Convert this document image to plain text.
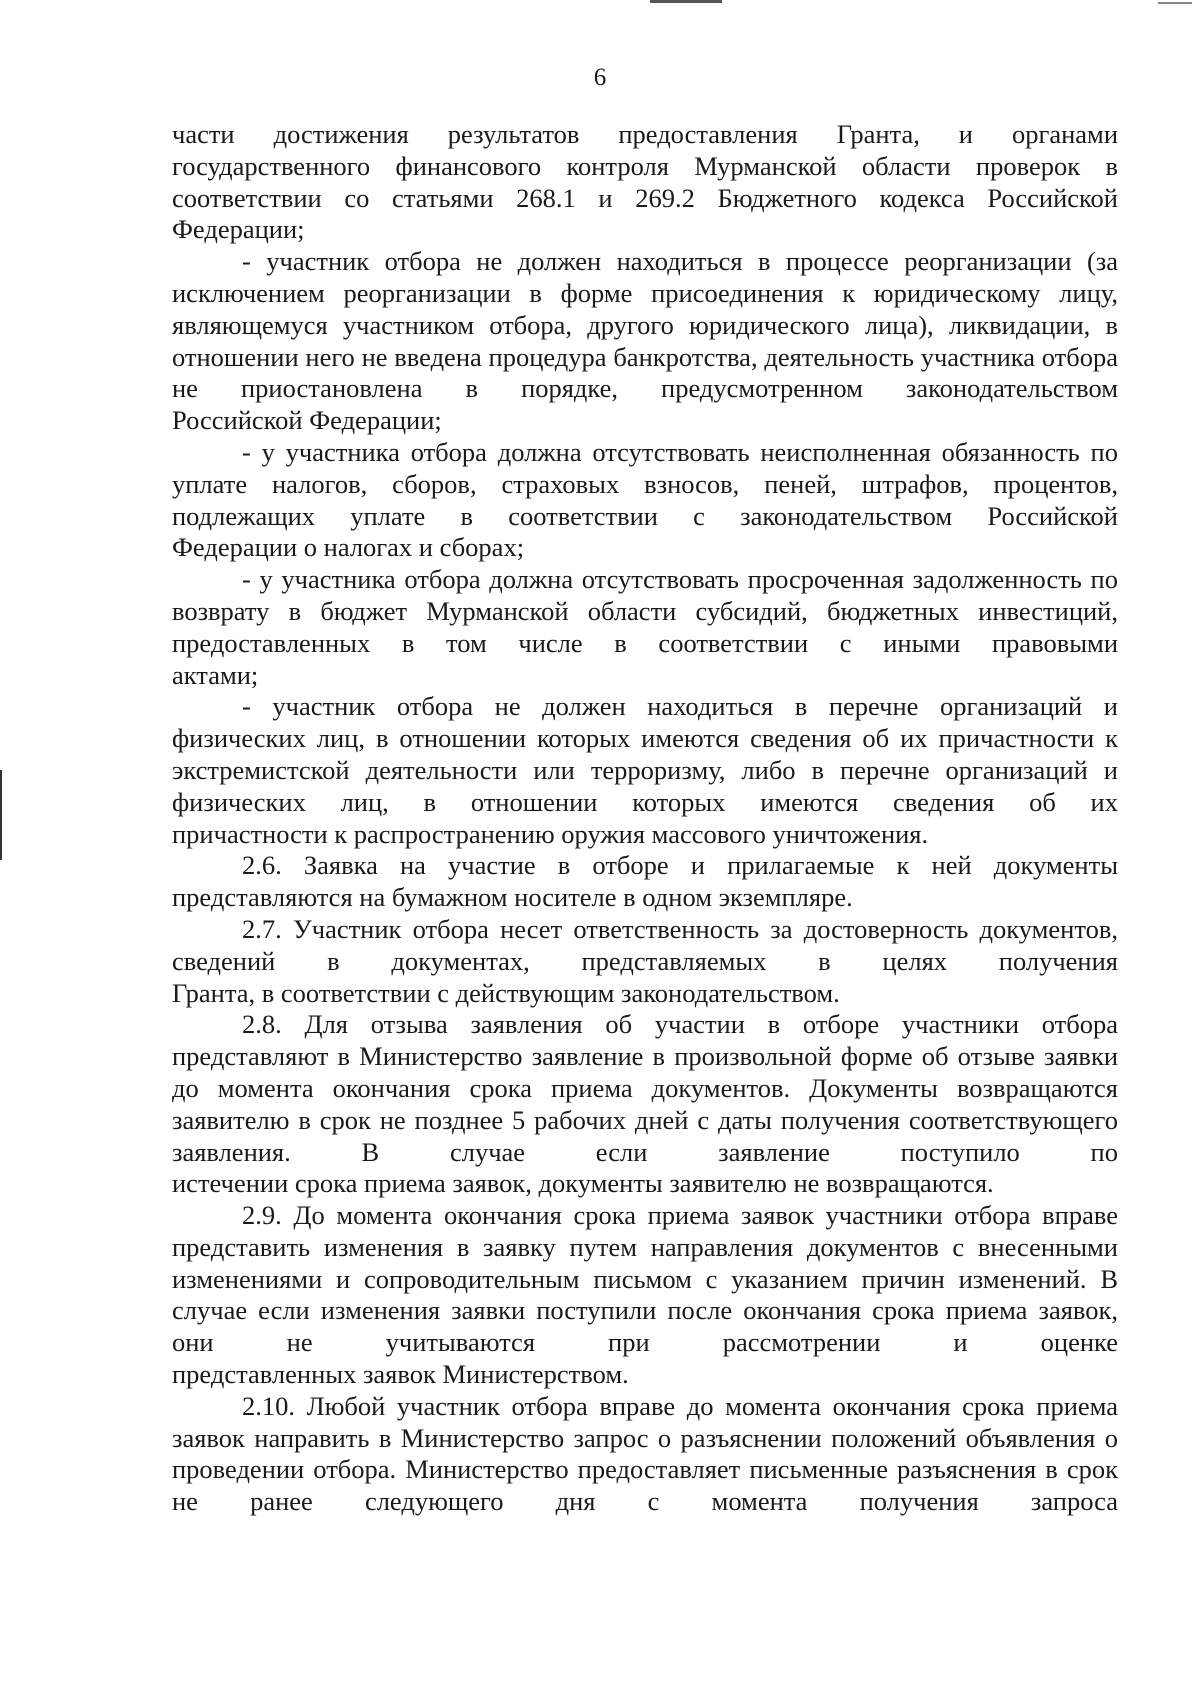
6

части достижения результатов предоставления Гранта, и органами государственного финансового контроля Мурманской области проверок в соответствии со статьями 268.1 и 269.2 Бюджетного кодекса Российской
Федерации;

- участник отбора не должен находиться в процессе реорганизации (за исключением реорганизации в форме присоединения к юридическому лицу, являющемуся участником отбора, другого юридического лица), ликвидации, в отношении него не введена процедура банкротства, деятельность участника отбора не приостановлена в порядке, предусмотренном законодательством
Российской Федерации;

- у участника отбора должна отсутствовать неисполненная обязанность по уплате налогов, сборов, страховых взносов, пеней, штрафов, процентов, подлежащих уплате в соответствии с законодательством Российской
Федерации о налогах и сборах;

- у участника отбора должна отсутствовать просроченная задолженность по возврату в бюджет Мурманской области субсидий, бюджетных инвестиций, предоставленных в том числе в соответствии с иными правовыми
актами;

- участник отбора не должен находиться в перечне организаций и физических лиц, в отношении которых имеются сведения об их причастности к экстремистской деятельности или терроризму, либо в перечне организаций и физических лиц, в отношении которых имеются сведения об их
причастности к распространению оружия массового уничтожения.

2.6. Заявка на участие в отборе и прилагаемые к ней документы
представляются на бумажном носителе в одном экземпляре.

2.7. Участник отбора несет ответственность за достоверность документов, сведений в документах, представляемых в целях получения
Гранта, в соответствии с действующим законодательством.

2.8. Для отзыва заявления об участии в отборе участники отбора представляют в Министерство заявление в произвольной форме об отзыве заявки до момента окончания срока приема документов. Документы возвращаются заявителю в срок не позднее 5 рабочих дней с даты получения соответствующего заявления. В случае если заявление поступило по
истечении срока приема заявок, документы заявителю не возвращаются.

2.9. До момента окончания срока приема заявок участники отбора вправе представить изменения в заявку путем направления документов с внесенными изменениями и сопроводительным письмом с указанием причин изменений. В случае если изменения заявки поступили после окончания срока приема заявок, они не учитываются при рассмотрении и оценке
представленных заявок Министерством.

2.10. Любой участник отбора вправе до момента окончания срока приема заявок направить в Министерство запрос о разъяснении положений объявления о проведении отбора. Министерство предоставляет письменные разъяснения в срок не ранее следующего дня с момента получения запроса
